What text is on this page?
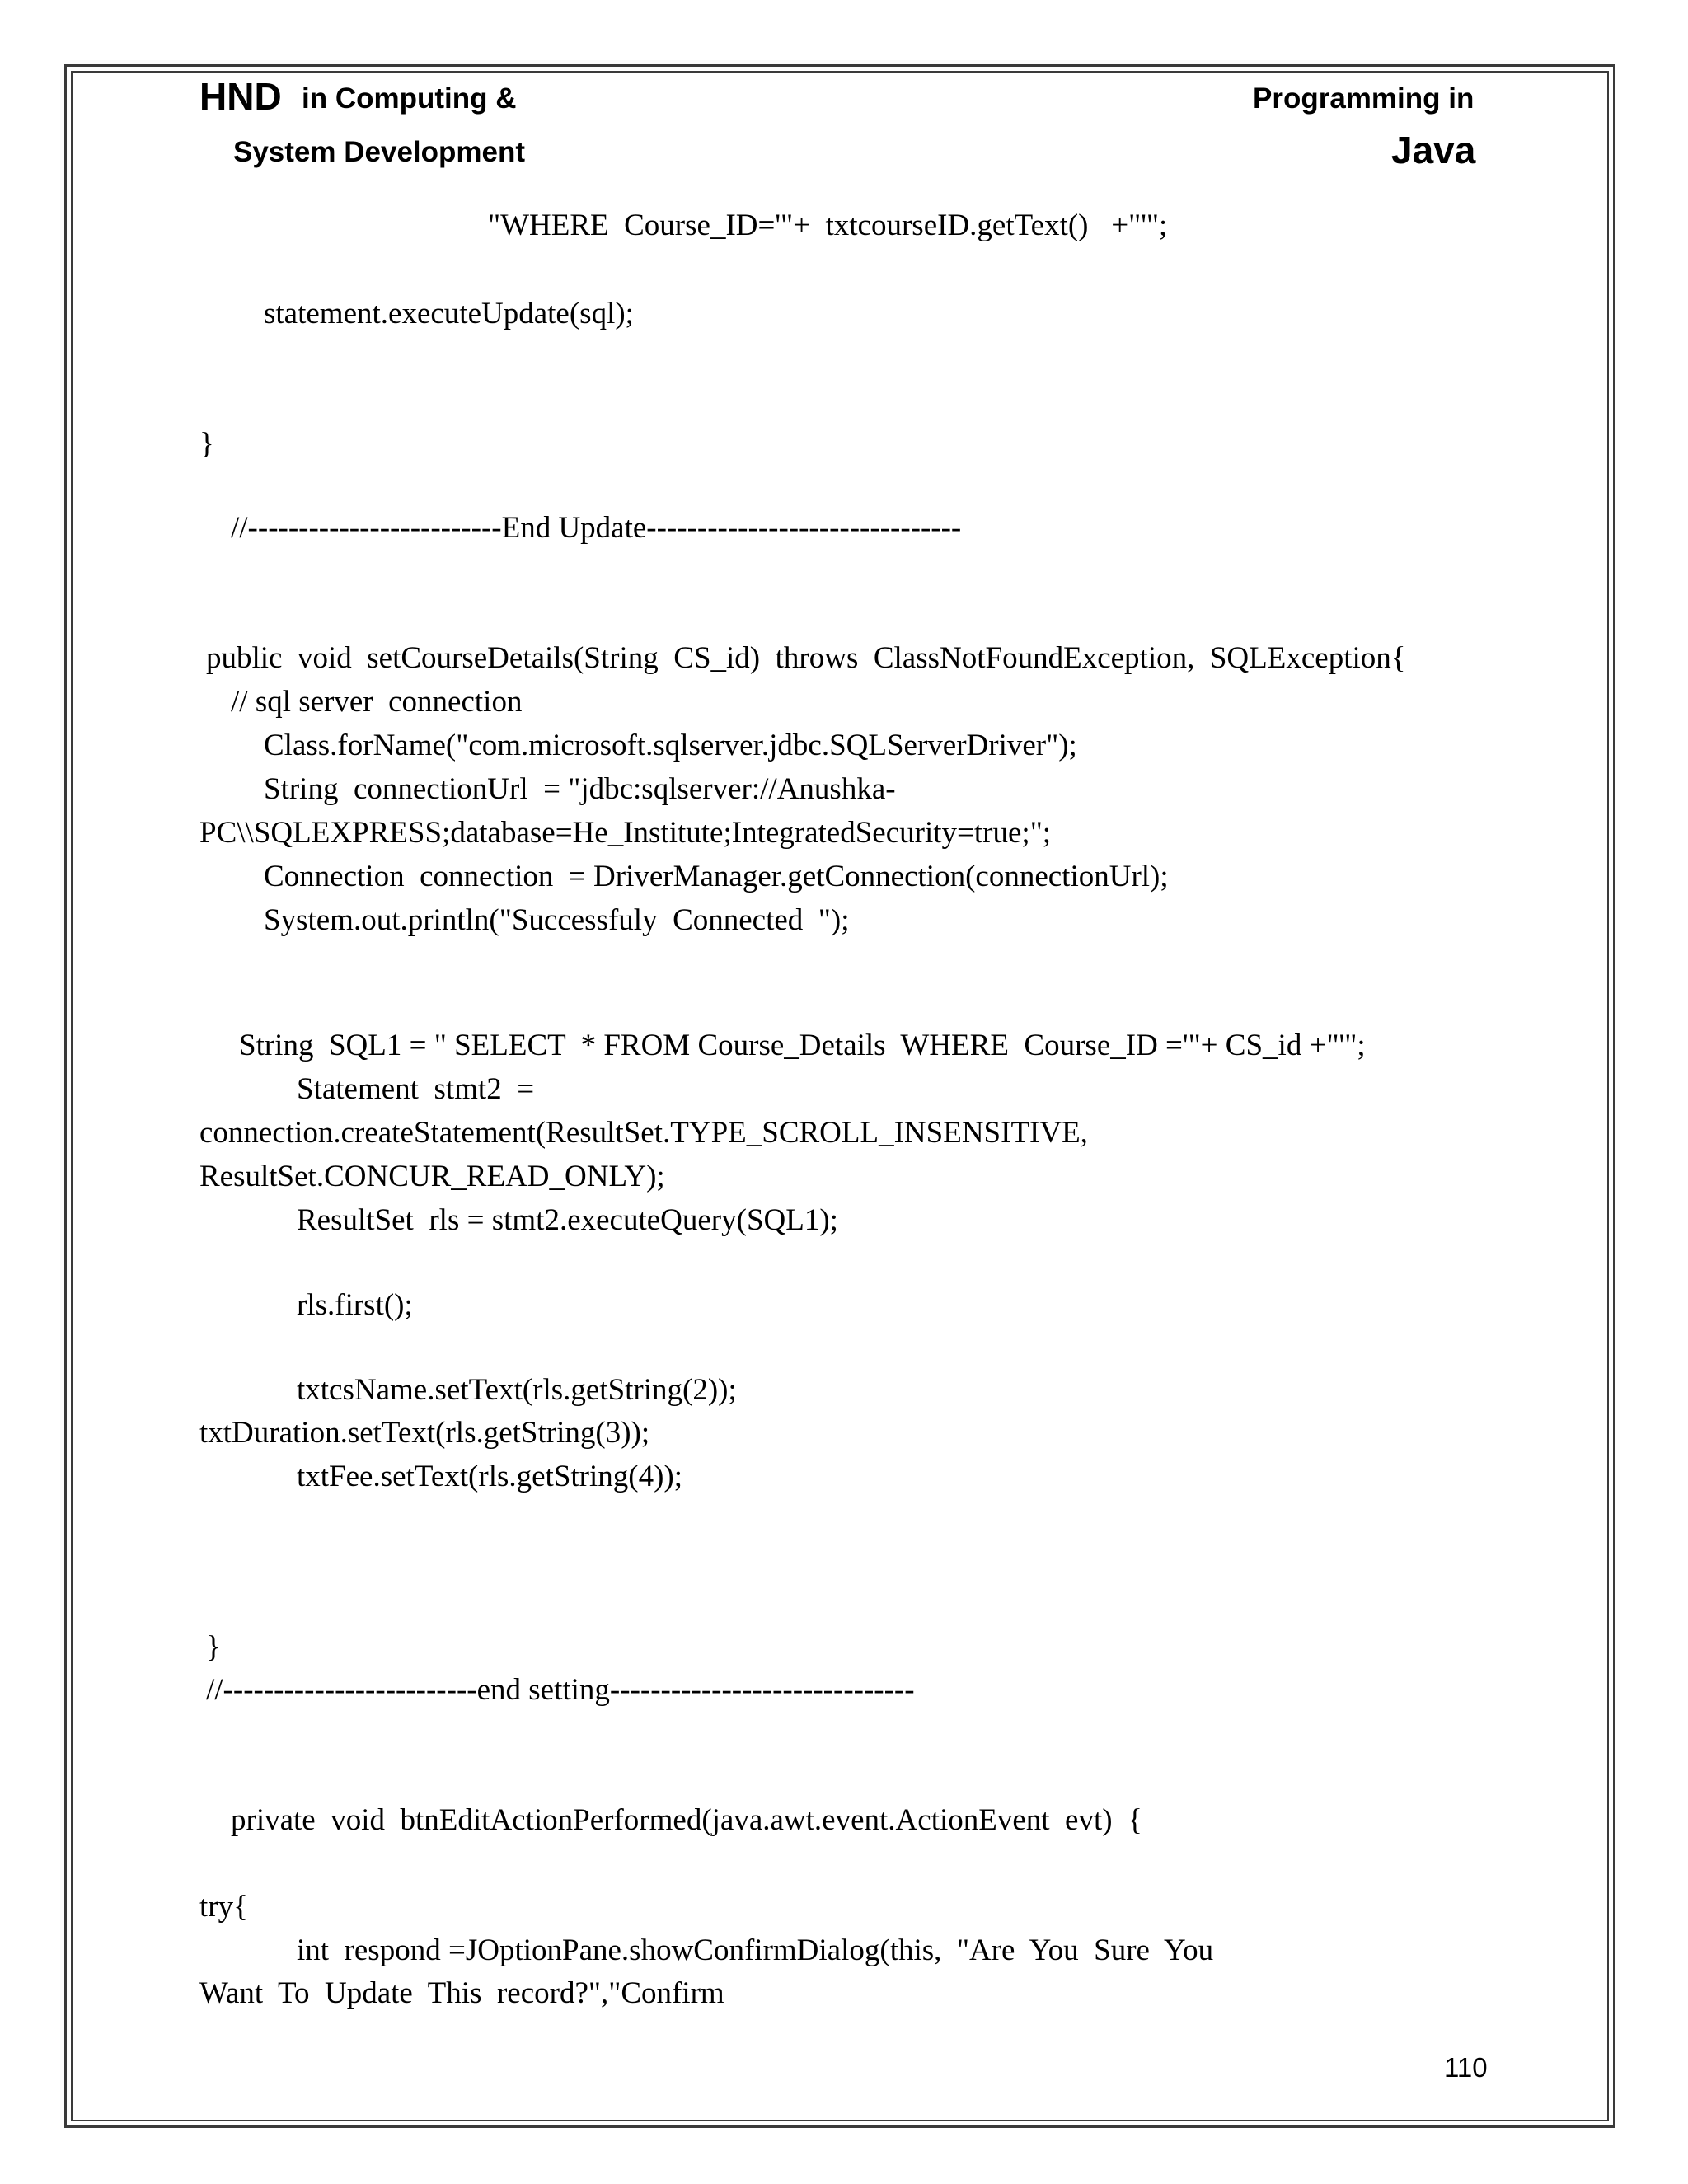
HND in Computing &
System Development
Programming in
Java
"WHERE  Course_ID='"+  txtcourseID.getText()   +"'";
statement.executeUpdate(sql);
}
//-------------------------End Update-------------------------------
public  void  setCourseDetails(String  CS_id)  throws  ClassNotFoundException,  SQLException{
// sql server  connection
Class.forName("com.microsoft.sqlserver.jdbc.SQLServerDriver");
String  connectionUrl  = "jdbc:sqlserver://Anushka-
PC\\SQLEXPRESS;database=He_Institute;IntegratedSecurity=true;";
Connection  connection  = DriverManager.getConnection(connectionUrl);
System.out.println("Successfuly  Connected  ");
String  SQL1 = " SELECT  * FROM Course_Details  WHERE  Course_ID ='"+ CS_id +"'";
Statement  stmt2  =
connection.createStatement(ResultSet.TYPE_SCROLL_INSENSITIVE,
ResultSet.CONCUR_READ_ONLY);
ResultSet  rls = stmt2.executeQuery(SQL1);
rls.first();
txtcsName.setText(rls.getString(2));
txtDuration.setText(rls.getString(3));
txtFee.setText(rls.getString(4));
}
//-------------------------end setting------------------------------
private  void  btnEditActionPerformed(java.awt.event.ActionEvent  evt)  {
try{
int  respond =JOptionPane.showConfirmDialog(this,  "Are  You  Sure  You
Want  To  Update  This  record?","Confirm
110
